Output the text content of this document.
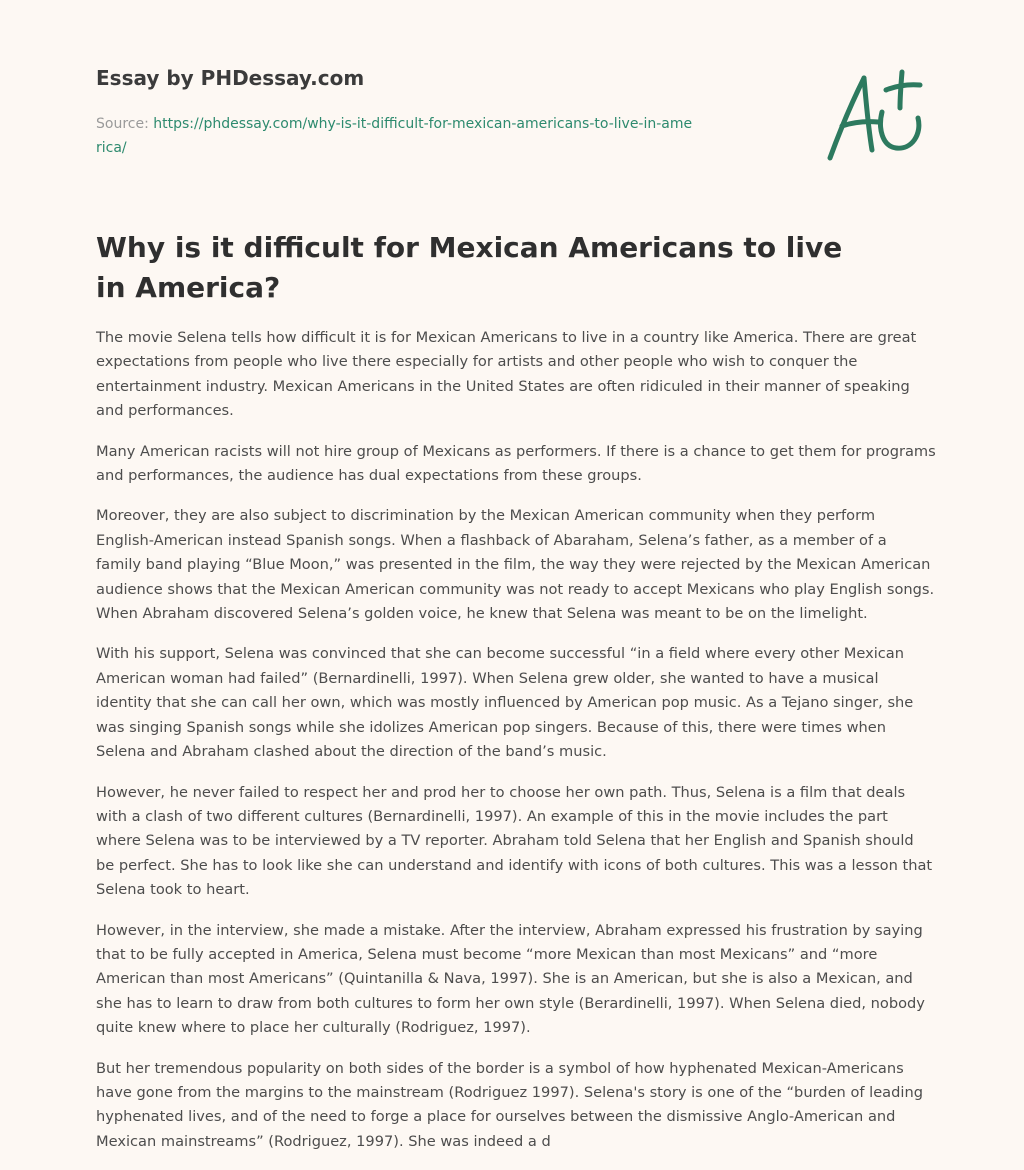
Essay by PHDessay.com
Source: https://phdessay.com/why-is-it-difficult-for-mexican-americans-to-live-in-america/
Why is it difficult for Mexican Americans to live in America?

The movie Selena tells how difficult it is for Mexican Americans to live in a country like America. There are great expectations from people who live there especially for artists and other people who wish to conquer the entertainment industry. Mexican Americans in the United States are often ridiculed in their manner of speaking and performances.

Many American racists will not hire group of Mexicans as performers. If there is a chance to get them for programs and performances, the audience has dual expectations from these groups.

Moreover, they are also subject to discrimination by the Mexican American community when they perform English-American instead Spanish songs. When a flashback of Abaraham, Selena’s father, as a member of a family band playing “Blue Moon,” was presented in the film, the way they were rejected by the Mexican American audience shows that the Mexican American community was not ready to accept Mexicans who play English songs. When Abraham discovered Selena’s golden voice, he knew that Selena was meant to be on the limelight.

With his support, Selena was convinced that she can become successful “in a field where every other Mexican American woman had failed” (Bernardinelli, 1997). When Selena grew older, she wanted to have a musical identity that she can call her own, which was mostly influenced by American pop music. As a Tejano singer, she was singing Spanish songs while she idolizes American pop singers. Because of this, there were times when Selena and Abraham clashed about the direction of the band’s music.

However, he never failed to respect her and prod her to choose her own path. Thus, Selena is a film that deals with a clash of two different cultures (Bernardinelli, 1997). An example of this in the movie includes the part where Selena was to be interviewed by a TV reporter. Abraham told Selena that her English and Spanish should be perfect. She has to look like she can understand and identify with icons of both cultures. This was a lesson that Selena took to heart.

However, in the interview, she made a mistake. After the interview, Abraham expressed his frustration by saying that to be fully accepted in America, Selena must become “more Mexican than most Mexicans” and “more American than most Americans” (Quintanilla & Nava, 1997). She is an American, but she is also a Mexican, and she has to learn to draw from both cultures to form her own style (Berardinelli, 1997). When Selena died, nobody quite knew where to place her culturally (Rodriguez, 1997).

But her tremendous popularity on both sides of the border is a symbol of how hyphenated Mexican-Americans have gone from the margins to the mainstream (Rodriguez 1997). Selena's story is one of the “burden of leading hyphenated lives, and of the need to forge a place for ourselves between the dismissive Anglo-American and Mexican mainstreams” (Rodriguez, 1997). She was indeed a d
